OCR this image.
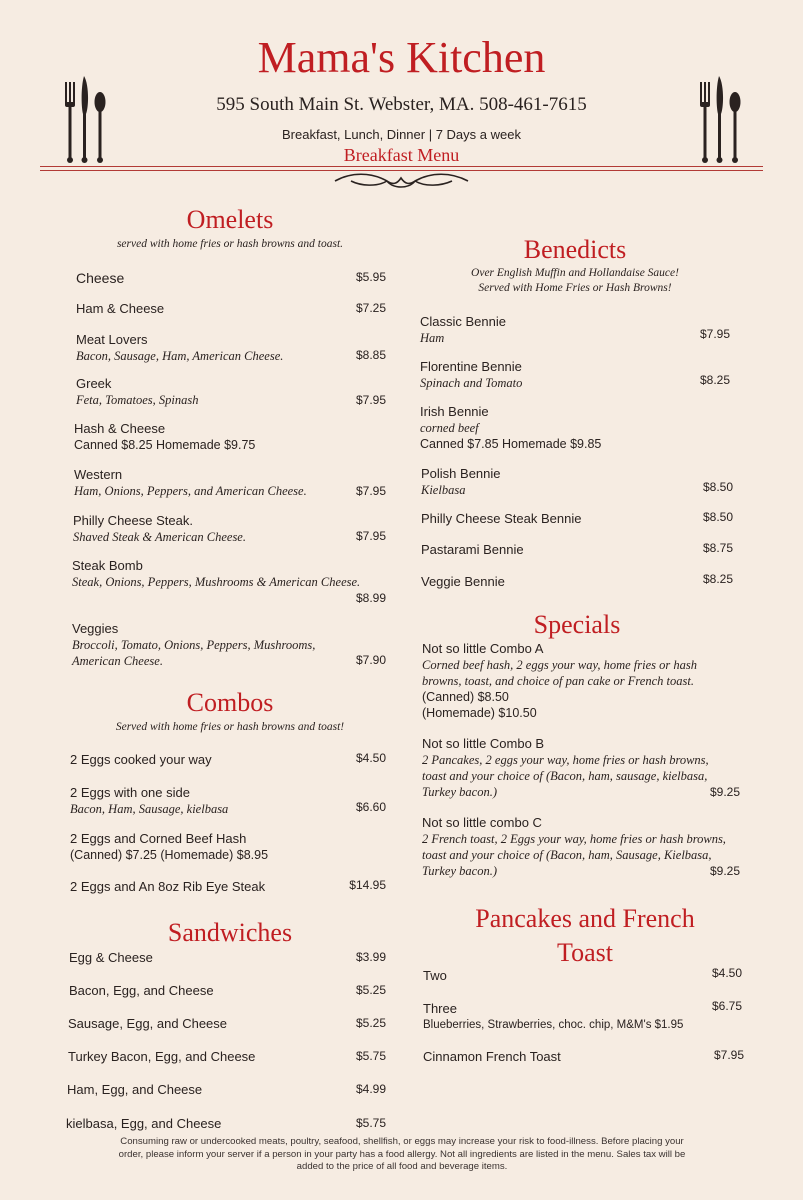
Mama's Kitchen
595 South Main St. Webster, MA. 508-461-7615
Breakfast, Lunch, Dinner | 7 Days a week
Breakfast Menu
Omelets
served with home fries or hash browns and toast.
Cheese	$5.95
Ham & Cheese	$7.25
Meat Lovers
Bacon, Sausage, Ham, American Cheese.	$8.85
Greek
Feta, Tomatoes, Spinash	$7.95
Hash & Cheese
Canned $8.25 Homemade $9.75
Western
Ham, Onions, Peppers, and American Cheese.	$7.95
Philly Cheese Steak.
Shaved Steak & American Cheese.	$7.95
Steak Bomb
Steak, Onions, Peppers, Mushrooms & American Cheese.
$8.99
Veggies
Broccoli, Tomato, Onions, Peppers, Mushrooms,
American Cheese.	$7.90
Combos
Served with home fries or hash browns and toast!
2 Eggs cooked your way	$4.50
2 Eggs with one side
Bacon, Ham, Sausage, kielbasa	$6.60
2 Eggs and Corned Beef Hash
(Canned) $7.25 (Homemade) $8.95
2 Eggs and An 8oz Rib Eye Steak	$14.95
Sandwiches
Egg & Cheese	$3.99
Bacon, Egg, and Cheese	$5.25
Sausage, Egg, and Cheese	$5.25
Turkey Bacon, Egg, and Cheese	$5.75
Ham, Egg, and Cheese	$4.99
kielbasa, Egg, and Cheese	$5.75
Benedicts
Over English Muffin and Hollandaise Sauce!
Served with Home Fries or Hash Browns!
Classic Bennie
Ham	$7.95
Florentine Bennie
Spinach and Tomato	$8.25
Irish Bennie
corned beef
Canned $7.85 Homemade $9.85
Polish Bennie
Kielbasa	$8.50
Philly Cheese Steak Bennie	$8.50
Pastarami Bennie	$8.75
Veggie Bennie	$8.25
Specials
Not so little Combo A
Corned beef hash, 2 eggs your way, home fries or hash
browns, toast, and choice of pan cake or French toast.
(Canned) $8.50
(Homemade) $10.50
Not so little Combo B
2 Pancakes, 2 eggs your way, home fries or hash browns,
toast and your choice of (Bacon, ham, sausage, kielbasa,
Turkey bacon.)	$9.25
Not so little combo C
2 French toast, 2 Eggs your way, home fries or hash browns,
toast and your choice of (Bacon, ham, Sausage, Kielbasa,
Turkey bacon.)	$9.25
Pancakes and French
Toast
Two	$4.50
Three
Blueberries, Strawberries, choc. chip, M&M's $1.95
$6.75
Cinnamon French Toast	$7.95
Consuming raw or undercooked meats, poultry, seafood, shellfish, or eggs may increase your risk to food-illness. Before placing your
order, please inform your server if a person in your party has a food allergy. Not all ingredients are listed in the menu. Sales tax will be
added to the price of all food and beverage items.
